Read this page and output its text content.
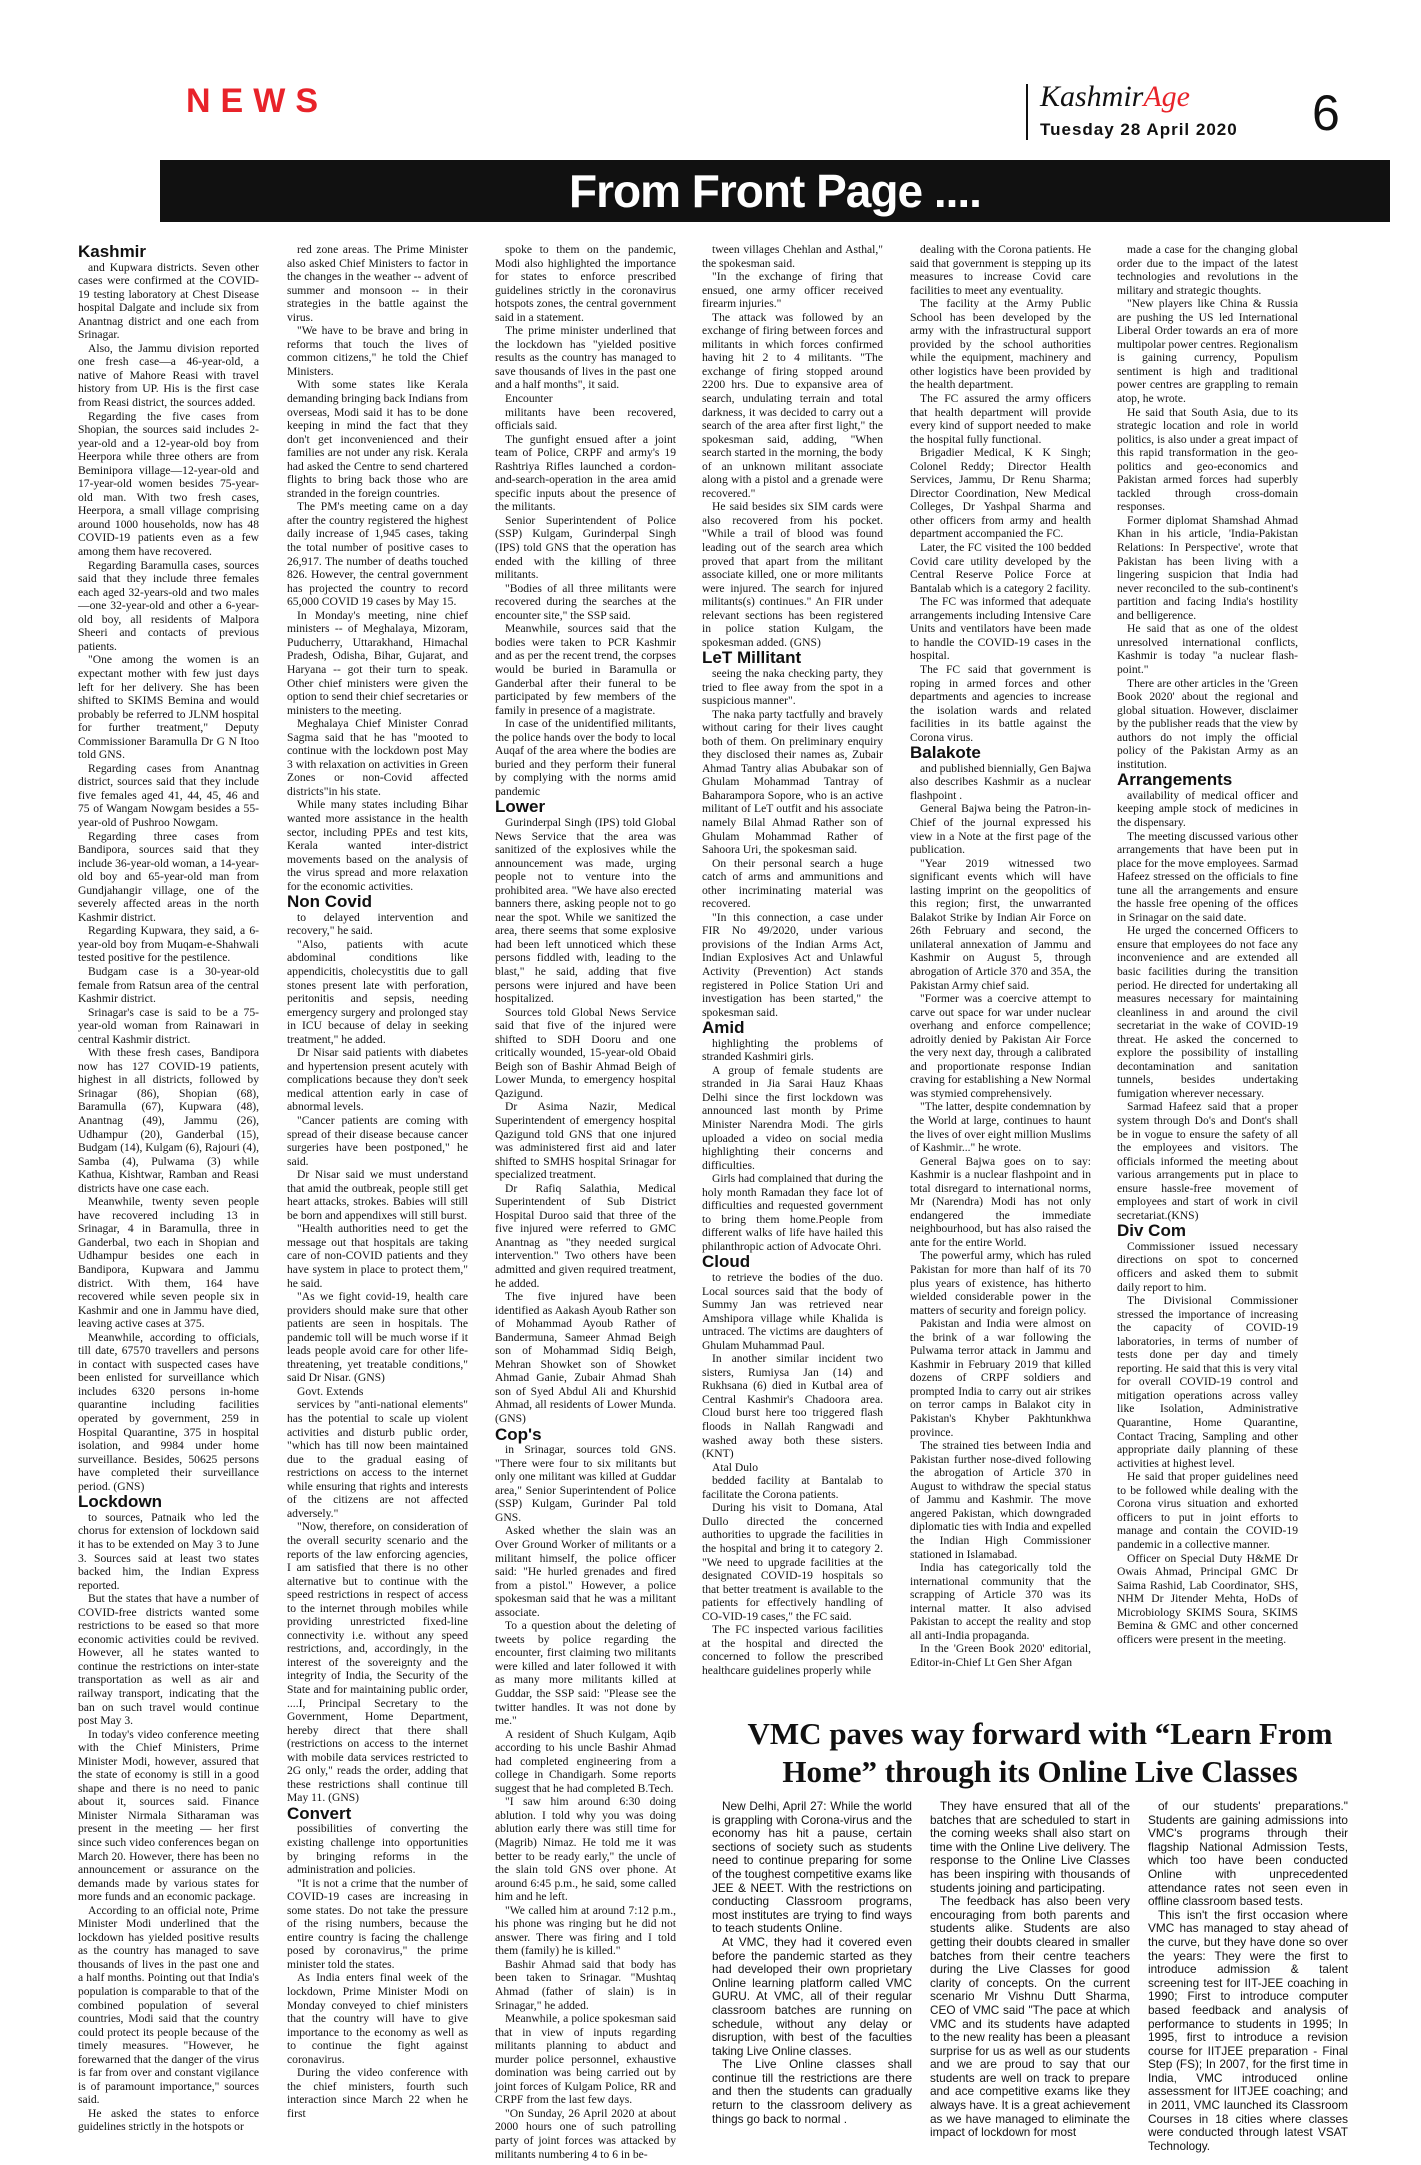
NEWS	KashmirAge
Tuesday 28 April 2020 6
From Front Page ....
Kashmir

and Kupwara districts. Seven other cases were confirmed at the COVID-19 testing laboratory at Chest Disease hospital Dalgate and include six from Anantnag district and one each from Srinagar.

Also, the Jammu division reported one fresh case—a 46-year-old, a native of Mahore Reasi with travel history from UP. His is the first case from Reasi district, the sources added.

Regarding the five cases from Shopian, the sources said includes 2-year-old and a 12-year-old boy from Heerpora while three others are from Beminipora village—12-year-old and 17-year-old women besides 75-year-old man. With two fresh cases, Heerpora, a small village comprising around 1000 households, now has 48 COVID-19 patients even as a few among them have recovered.

Regarding Baramulla cases, sources said that they include three females each aged 32-years-old and two males—one 32-year-old and other a 6-year-old boy, all residents of Malpora Sheeri and contacts of previous patients.

"One among the women is an expectant mother with few just days left for her delivery. She has been shifted to SKIMS Bemina and would probably be referred to JLNM hospital for further treatment," Deputy Commissioner Baramulla Dr G N Itoo told GNS.

Regarding cases from Anantnag district, sources said that they include five females aged 41, 44, 45, 46 and 75 of Wangam Nowgam besides a 55-year-old of Pushroo Nowgam.

Regarding three cases from Bandipora, sources said that they include 36-year-old woman, a 14-year-old boy and 65-year-old man from Gundjahangir village, one of the severely affected areas in the north Kashmir district.

Regarding Kupwara, they said, a 6-year-old boy from Muqam-e-Shahwali tested positive for the pestilence.

Budgam case is a 30-year-old female from Ratsun area of the central Kashmir district.

Srinagar's case is said to be a 75-year-old woman from Rainawari in central Kashmir district.

With these fresh cases, Bandipora now has 127 COVID-19 patients, highest in all districts, followed by Srinagar (86), Shopian (68), Baramulla (67), Kupwara (48), Anantnag (49), Jammu (26), Udhampur (20), Ganderbal (15), Budgam (14), Kulgam (6), Rajouri (4), Samba (4), Pulwama (3) while Kathua, Kishtwar, Ramban and Reasi districts have one case each.

Meanwhile, twenty seven people have recovered including 13 in Srinagar, 4 in Baramulla, three in Ganderbal, two each in Shopian and Udhampur besides one each in Bandipora, Kupwara and Jammu district. With them, 164 have recovered while seven people six in Kashmir and one in Jammu have died, leaving active cases at 375.

Meanwhile, according to officials, till date, 67570 travellers and persons in contact with suspected cases have been enlisted for surveillance which includes 6320 persons in-home quarantine including facilities operated by government, 259 in Hospital Quarantine, 375 in hospital isolation, and 9984 under home surveillance. Besides, 50625 persons have completed their surveillance period. (GNS)

Lockdown

to sources, Patnaik who led the chorus for extension of lockdown said it has to be extended on May 3 to June 3. Sources said at least two states backed him, the Indian Express reported.

But the states that have a number of COVID-free districts wanted some restrictions to be eased so that more economic activities could be revived. However, all he states wanted to continue the restrictions on inter-state transportation as well as air and railway transport, indicating that the ban on such travel would continue post May 3.

In today's video conference meeting with the Chief Ministers, Prime Minister Modi, however, assured that the state of economy is still in a good shape and there is no need to panic about it, sources said. Finance Minister Nirmala Sitharaman was present in the meeting — her first since such video conferences began on March 20. However, there has been no announcement or assurance on the demands made by various states for more funds and an economic package.

According to an official note, Prime Minister Modi underlined that the lockdown has yielded positive results as the country has managed to save thousands of lives in the past one and a half months. Pointing out that India's population is comparable to that of the combined population of several countries, Modi said that the country could protect its people because of the timely measures. "However, he forewarned that the danger of the virus is far from over and constant vigilance is of paramount importance," sources said.

He asked the states to enforce guidelines strictly in the hotspots or

red zone areas. The Prime Minister also asked Chief Ministers to factor in the changes in the weather -- advent of summer and monsoon -- in their strategies in the battle against the virus.

"We have to be brave and bring in reforms that touch the lives of common citizens," he told the Chief Ministers.

With some states like Kerala demanding bringing back Indians from overseas, Modi said it has to be done keeping in mind the fact that they don't get inconvenienced and their families are not under any risk. Kerala had asked the Centre to send chartered flights to bring back those who are stranded in the foreign countries.

The PM's meeting came on a day after the country registered the highest daily increase of 1,945 cases, taking the total number of positive cases to 26,917. The number of deaths touched 826. However, the central government has projected the country to record 65,000 COVID 19 cases by May 15.

In Monday's meeting, nine chief ministers -- of Meghalaya, Mizoram, Puducherry, Uttarakhand, Himachal Pradesh, Odisha, Bihar, Gujarat, and Haryana -- got their turn to speak. Other chief ministers were given the option to send their chief secretaries or ministers to the meeting.

Meghalaya Chief Minister Conrad Sagma said that he has "mooted to continue with the lockdown post May 3 with relaxation on activities in Green Zones or non-Covid affected districts"in his state.

While many states including Bihar wanted more assistance in the health sector, including PPEs and test kits, Kerala wanted inter-district movements based on the analysis of the virus spread and more relaxation for the economic activities.

Non Covid

to delayed intervention and recovery," he said.

"Also, patients with acute abdominal conditions like appendicitis, cholecystitis due to gall stones present late with perforation, peritonitis and sepsis, needing emergency surgery and prolonged stay in ICU because of delay in seeking treatment," he added.

Dr Nisar said patients with diabetes and hypertension present acutely with complications because they don't seek medical attention early in case of abnormal levels.

"Cancer patients are coming with spread of their disease because cancer surgeries have been postponed," he said.

Dr Nisar said we must understand that amid the outbreak, people still get heart attacks, strokes. Babies will still be born and appendixes will still burst.

"Health authorities need to get the message out that hospitals are taking care of non-COVID patients and they have system in place to protect them," he said.

"As we fight covid-19, health care providers should make sure that other patients are seen in hospitals. The pandemic toll will be much worse if it leads people avoid care for other life-threatening, yet treatable conditions," said Dr Nisar. (GNS)

Govt. Extends

services by "anti-national elements" has the potential to scale up violent activities and disturb public order, "which has till now been maintained due to the gradual easing of restrictions on access to the internet while ensuring that rights and interests of the citizens are not affected adversely."

"Now, therefore, on consideration of the overall security scenario and the reports of the law enforcing agencies, I am satisfied that there is no other alternative but to continue with the speed restrictions in respect of access to the internet through mobiles while providing unrestricted fixed-line connectivity i.e. without any speed restrictions, and, accordingly, in the interest of the sovereignty and the integrity of India, the Security of the State and for maintaining public order, ....I, Principal Secretary to the Government, Home Department, hereby direct that there shall (restrictions on access to the internet with mobile data services restricted to 2G only," reads the order, adding that these restrictions shall continue till May 11. (GNS)

Convert

possibilities of converting the existing challenge into opportunities by bringing reforms in the administration and policies.

"It is not a crime that the number of COVID-19 cases are increasing in some states. Do not take the pressure of the rising numbers, because the entire country is facing the challenge posed by coronavirus," the prime minister told the states.

As India enters final week of the lockdown, Prime Minister Modi on Monday conveyed to chief ministers that the country will have to give importance to the economy as well as to continue the fight against coronavirus.

During the video conference with the chief ministers, fourth such interaction since March 22 when he first

spoke to them on the pandemic, Modi also highlighted the importance for states to enforce prescribed guidelines strictly in the coronavirus hotspots zones, the central government said in a statement.

The prime minister underlined that the lockdown has "yielded positive results as the country has managed to save thousands of lives in the past one and a half months", it said.

Encounter

militants have been recovered, officials said.

The gunfight ensued after a joint team of Police, CRPF and army's 19 Rashtriya Rifles launched a cordon-and-search-operation in the area amid specific inputs about the presence of the militants.

Senior Superintendent of Police (SSP) Kulgam, Gurinderpal Singh (IPS) told GNS that the operation has ended with the killing of three militants.

"Bodies of all three militants were recovered during the searches at the encounter site," the SSP said.

Meanwhile, sources said that the bodies were taken to PCR Kashmir and as per the recent trend, the corpses would be buried in Baramulla or Ganderbal after their funeral to be participated by few members of the family in presence of a magistrate.

In case of the unidentified militants, the police hands over the body to local Auqaf of the area where the bodies are buried and they perform their funeral by complying with the norms amid pandemic

Lower

Gurinderpal Singh (IPS) told Global News Service that the area was sanitized of the explosives while the announcement was made, urging people not to venture into the prohibited area. "We have also erected banners there, asking people not to go near the spot. While we sanitized the area, there seems that some explosive had been left unnoticed which these persons fiddled with, leading to the blast," he said, adding that five persons were injured and have been hospitalized.

Sources told Global News Service said that five of the injured were shifted to SDH Dooru and one critically wounded, 15-year-old Obaid Beigh son of Bashir Ahmad Beigh of Lower Munda, to emergency hospital Qazigund.

Dr Asima Nazir, Medical Superintendent of emergency hospital Qazigund told GNS that one injured was administered first aid and later shifted to SMHS hospital Srinagar for specialized treatment.

Dr Rafiq Salathia, Medical Superintendent of Sub District Hospital Duroo said that three of the five injured were referred to GMC Anantnag as "they needed surgical intervention." Two others have been admitted and given required treatment, he added.

The five injured have been identified as Aakash Ayoub Rather son of Mohammad Ayoub Rather of Bandermuna, Sameer Ahmad Beigh son of Mohammad Sidiq Beigh, Mehran Showket son of Showket Ahmad Ganie, Zubair Ahmad Shah son of Syed Abdul Ali and Khurshid Ahmad, all residents of Lower Munda. (GNS)

Cop's

in Srinagar, sources told GNS. "There were four to six militants but only one militant was killed at Guddar area," Senior Superintendent of Police (SSP) Kulgam, Gurinder Pal told GNS.

Asked whether the slain was an Over Ground Worker of militants or a militant himself, the police officer said: "He hurled grenades and fired from a pistol." However, a police spokesman said that he was a militant associate.

To a question about the deleting of tweets by police regarding the encounter, first claiming two militants were killed and later followed it with as many more militants killed at Guddar, the SSP said: "Please see the twitter handles. It was not done by me."

A resident of Shuch Kulgam, Aqib according to his uncle Bashir Ahmad had completed engineering from a college in Chandigarh. Some reports suggest that he had completed B.Tech.

"I saw him around 6:30 doing ablution. I told why you was doing ablution early there was still time for (Magrib) Nimaz. He told me it was better to be ready early," the uncle of the slain told GNS over phone. At around 6:45 p.m., he said, some called him and he left.

"We called him at around 7:12 p.m., his phone was ringing but he did not answer. There was firing and I told them (family) he is killed."

Bashir Ahmad said that body has been taken to Srinagar. "Mushtaq Ahmad (father of slain) is in Srinagar," he added.

Meanwhile, a police spokesman said that in view of inputs regarding militants planning to abduct and murder police personnel, exhaustive domination was being carried out by joint forces of Kulgam Police, RR and CRPF from the last few days.

"On Sunday, 26 April 2020 at about 2000 hours one of such patrolling party of joint forces was attacked by militants numbering 4 to 6 in be-

tween villages Chehlan and Asthal," the spokesman said.

"In the exchange of firing that ensued, one army officer received firearm injuries."

The attack was followed by an exchange of firing between forces and militants in which forces confirmed having hit 2 to 4 militants. "The exchange of firing stopped around 2200 hrs. Due to expansive area of search, undulating terrain and total darkness, it was decided to carry out a search of the area after first light," the spokesman said, adding, "When search started in the morning, the body of an unknown militant associate along with a pistol and a grenade were recovered."

He said besides six SIM cards were also recovered from his pocket. "While a trail of blood was found leading out of the search area which proved that apart from the militant associate killed, one or more militants were injured. The search for injured militants(s) continues." An FIR under relevant sections has been registered in police station Kulgam, the spokesman added. (GNS)

LeT Millitant

seeing the naka checking party, they tried to flee away from the spot in a suspicious manner".

The naka party tactfully and bravely without caring for their lives caught both of them. On preliminary enquiry they disclosed their names as, Zubair Ahmad Tantry alias Abubakar son of Ghulam Mohammad Tantray of Baharampora Sopore, who is an active militant of LeT outfit and his associate namely Bilal Ahmad Rather son of Ghulam Mohammad Rather of Sahoora Uri, the spokesman said.

On their personal search a huge catch of arms and ammunitions and other incriminating material was recovered.

"In this connection, a case under FIR No 49/2020, under various provisions of the Indian Arms Act, Indian Explosives Act and Unlawful Activity (Prevention) Act stands registered in Police Station Uri and investigation has been started," the spokesman said.

Amid

highlighting the problems of stranded Kashmiri girls.

A group of female students are stranded in Jia Sarai Hauz Khaas Delhi since the first lockdown was announced last month by Prime Minister Narendra Modi. The girls uploaded a video on social media highlighting their concerns and difficulties.

Girls had complained that during the holy month Ramadan they face lot of difficulties and requested government to bring them home.People from different walks of life have hailed this philanthropic action of Advocate Ohri.

Cloud

to retrieve the bodies of the duo. Local sources said that the body of Summy Jan was retrieved near Amshipora village while Khalida is untraced. The victims are daughters of Ghulam Muhammad Paul.

In another similar incident two sisters, Rumiysa Jan (14) and Rukhsana (6) died in Kutbal area of Central Kashmir's Chadoora area. Cloud burst here too triggered flash floods in Nallah Rangwadi and washed away both these sisters. (KNT)

Atal Dulo

bedded facility at Bantalab to facilitate the Corona patients.

During his visit to Domana, Atal Dullo directed the concerned authorities to upgrade the facilities in the hospital and bring it to category 2. "We need to upgrade facilities at the designated COVID-19 hospitals so that better treatment is available to the patients for effectively handling of CO-VID-19 cases," the FC said.

The FC inspected various facilities at the hospital and directed the concerned to follow the prescribed healthcare guidelines properly while

dealing with the Corona patients. He said that government is stepping up its measures to increase Covid care facilities to meet any eventuality.

The facility at the Army Public School has been developed by the army with the infrastructural support provided by the school authorities while the equipment, machinery and other logistics have been provided by the health department.

The FC assured the army officers that health department will provide every kind of support needed to make the hospital fully functional.

Brigadier Medical, K K Singh; Colonel Reddy; Director Health Services, Jammu, Dr Renu Sharma; Director Coordination, New Medical Colleges, Dr Yashpal Sharma and other officers from army and health department accompanied the FC.

Later, the FC visited the 100 bedded Covid care utility developed by the Central Reserve Police Force at Bantalab which is a category 2 facility.

The FC was informed that adequate arrangements including Intensive Care Units and ventilators have been made to handle the COVID-19 cases in the hospital.

The FC said that government is roping in armed forces and other departments and agencies to increase the isolation wards and related facilities in its battle against the Corona virus.

Balakote

and published biennially, Gen Bajwa also describes Kashmir as a nuclear flashpoint .

General Bajwa being the Patron-in-Chief of the journal expressed his view in a Note at the first page of the publication.

"Year 2019 witnessed two significant events which will have lasting imprint on the geopolitics of this region; first, the unwarranted Balakot Strike by Indian Air Force on 26th February and second, the unilateral annexation of Jammu and Kashmir on August 5, through abrogation of Article 370 and 35A, the Pakistan Army chief said.

"Former was a coercive attempt to carve out space for war under nuclear overhang and enforce compellence; adroitly denied by Pakistan Air Force the very next day, through a calibrated and proportionate response Indian craving for establishing a New Normal was stymied comprehensively.

"The latter, despite condemnation by the World at large, continues to haunt the lives of over eight million Muslims of Kashmir..." he wrote.

General Bajwa goes on to say: Kashmir is a nuclear flashpoint and in total disregard to international norms, Mr (Narendra) Modi has not only endangered the immediate neighbourhood, but has also raised the ante for the entire World.

The powerful army, which has ruled Pakistan for more than half of its 70 plus years of existence, has hitherto wielded considerable power in the matters of security and foreign policy.

Pakistan and India were almost on the brink of a war following the Pulwama terror attack in Jammu and Kashmir in February 2019 that killed dozens of CRPF soldiers and prompted India to carry out air strikes on terror camps in Balakot city in Pakistan's Khyber Pakhtunkhwa province.

The strained ties between India and Pakistan further nose-dived following the abrogation of Article 370 in August to withdraw the special status of Jammu and Kashmir. The move angered Pakistan, which downgraded diplomatic ties with India and expelled the Indian High Commissioner stationed in Islamabad.

India has categorically told the international community that the scrapping of Article 370 was its internal matter. It also advised Pakistan to accept the reality and stop all anti-India propaganda.

In the 'Green Book 2020' editorial, Editor-in-Chief Lt Gen Sher Afgan

made a case for the changing global order due to the impact of the latest technologies and revolutions in the military and strategic thoughts.

"New players like China & Russia are pushing the US led International Liberal Order towards an era of more multipolar power centres. Regionalism is gaining currency, Populism sentiment is high and traditional power centres are grappling to remain atop, he wrote.

He said that South Asia, due to its strategic location and role in world politics, is also under a great impact of this rapid transformation in the geo-politics and geo-economics and Pakistan armed forces had superbly tackled through cross-domain responses.

Former diplomat Shamshad Ahmad Khan in his article, 'India-Pakistan Relations: In Perspective', wrote that Pakistan has been living with a lingering suspicion that India had never reconciled to the sub-continent's partition and facing India's hostility and belligerence.

He said that as one of the oldest unresolved international conflicts, Kashmir is today "a nuclear flash-point."

There are other articles in the 'Green Book 2020' about the regional and global situation. However, disclaimer by the publisher reads that the view by authors do not imply the official policy of the Pakistan Army as an institution.

Arrangements

availability of medical officer and keeping ample stock of medicines in the dispensary.

The meeting discussed various other arrangements that have been put in place for the move employees. Sarmad Hafeez stressed on the officials to fine tune all the arrangements and ensure the hassle free opening of the offices in Srinagar on the said date.

He urged the concerned Officers to ensure that employees do not face any inconvenience and are extended all basic facilities during the transition period. He directed for undertaking all measures necessary for maintaining cleanliness in and around the civil secretariat in the wake of COVID-19 threat. He asked the concerned to explore the possibility of installing decontamination and sanitation tunnels, besides undertaking fumigation wherever necessary.

Sarmad Hafeez said that a proper system through Do's and Dont's shall be in vogue to ensure the safety of all the employees and visitors. The officials informed the meeting about various arrangements put in place to ensure hassle-free movement of employees and start of work in civil secretariat.(KNS)

Div Com

Commissioner issued necessary directions on spot to concerned officers and asked them to submit daily report to him.

The Divisional Commissioner stressed the importance of increasing the capacity of COVID-19 laboratories, in terms of number of tests done per day and timely reporting. He said that this is very vital for overall COVID-19 control and mitigation operations across valley like Isolation, Administrative Quarantine, Home Quarantine, Contact Tracing, Sampling and other appropriate daily planning of these activities at highest level.

He said that proper guidelines need to be followed while dealing with the Corona virus situation and exhorted officers to put in joint efforts to manage and contain the COVID-19 pandemic in a collective manner.

Officer on Special Duty H&ME Dr Owais Ahmad, Principal GMC Dr Saima Rashid, Lab Coordinator, SHS, NHM Dr Jitender Mehta, HoDs of Microbiology SKIMS Soura, SKIMS Bemina & GMC and other concerned officers were present in the meeting.

VMC paves way forward with “Learn From Home” through its Online Live Classes

New Delhi, April 27: While the world is grappling with Corona-virus and the economy has hit a pause, certain sections of society such as students need to continue preparing for some of the toughest competitive exams like JEE & NEET. With the restrictions on conducting Classroom programs, most institutes are trying to find ways to teach students Online.

At VMC, they had it covered even before the pandemic started as they had developed their own proprietary Online learning platform called VMC GURU. At VMC, all of their regular classroom batches are running on schedule, without any delay or disruption, with best of the faculties taking Live Online classes.

The Live Online classes shall continue till the restrictions are there and then the students can gradually return to the classroom delivery as things go back to normal .

They have ensured that all of the batches that are scheduled to start in the coming weeks shall also start on time with the Online Live delivery. The response to the Online Live Classes has been inspiring with thousands of students joining and participating.

The feedback has also been very encouraging from both parents and students alike. Students are also getting their doubts cleared in smaller batches from their centre teachers during the Live Classes for good clarity of concepts. On the current scenario Mr Vishnu Dutt Sharma, CEO of VMC said "The pace at which VMC and its students have adapted to the new reality has been a pleasant surprise for us as well as our students and we are proud to say that our students are well on track to prepare and ace competitive exams like they always have. It is a great achievement as we have managed to eliminate the impact of lockdown for most

of our students' preparations." Students are gaining admissions into VMC's programs through their flagship National Admission Tests, which too have been conducted Online with unprecedented attendance rates not seen even in offline classroom based tests.

This isn't the first occasion where VMC has managed to stay ahead of the curve, but they have done so over the years: They were the first to introduce admission & talent screening test for IIT-JEE coaching in 1990; First to introduce computer based feedback and analysis of performance to students in 1995; In 1995, first to introduce a revision course for IITJEE preparation - Final Step (FS); In 2007, for the first time in India, VMC introduced online assessment for IITJEE coaching; and in 2011, VMC launched its Classroom Courses in 18 cities where classes were conducted through latest VSAT Technology.
